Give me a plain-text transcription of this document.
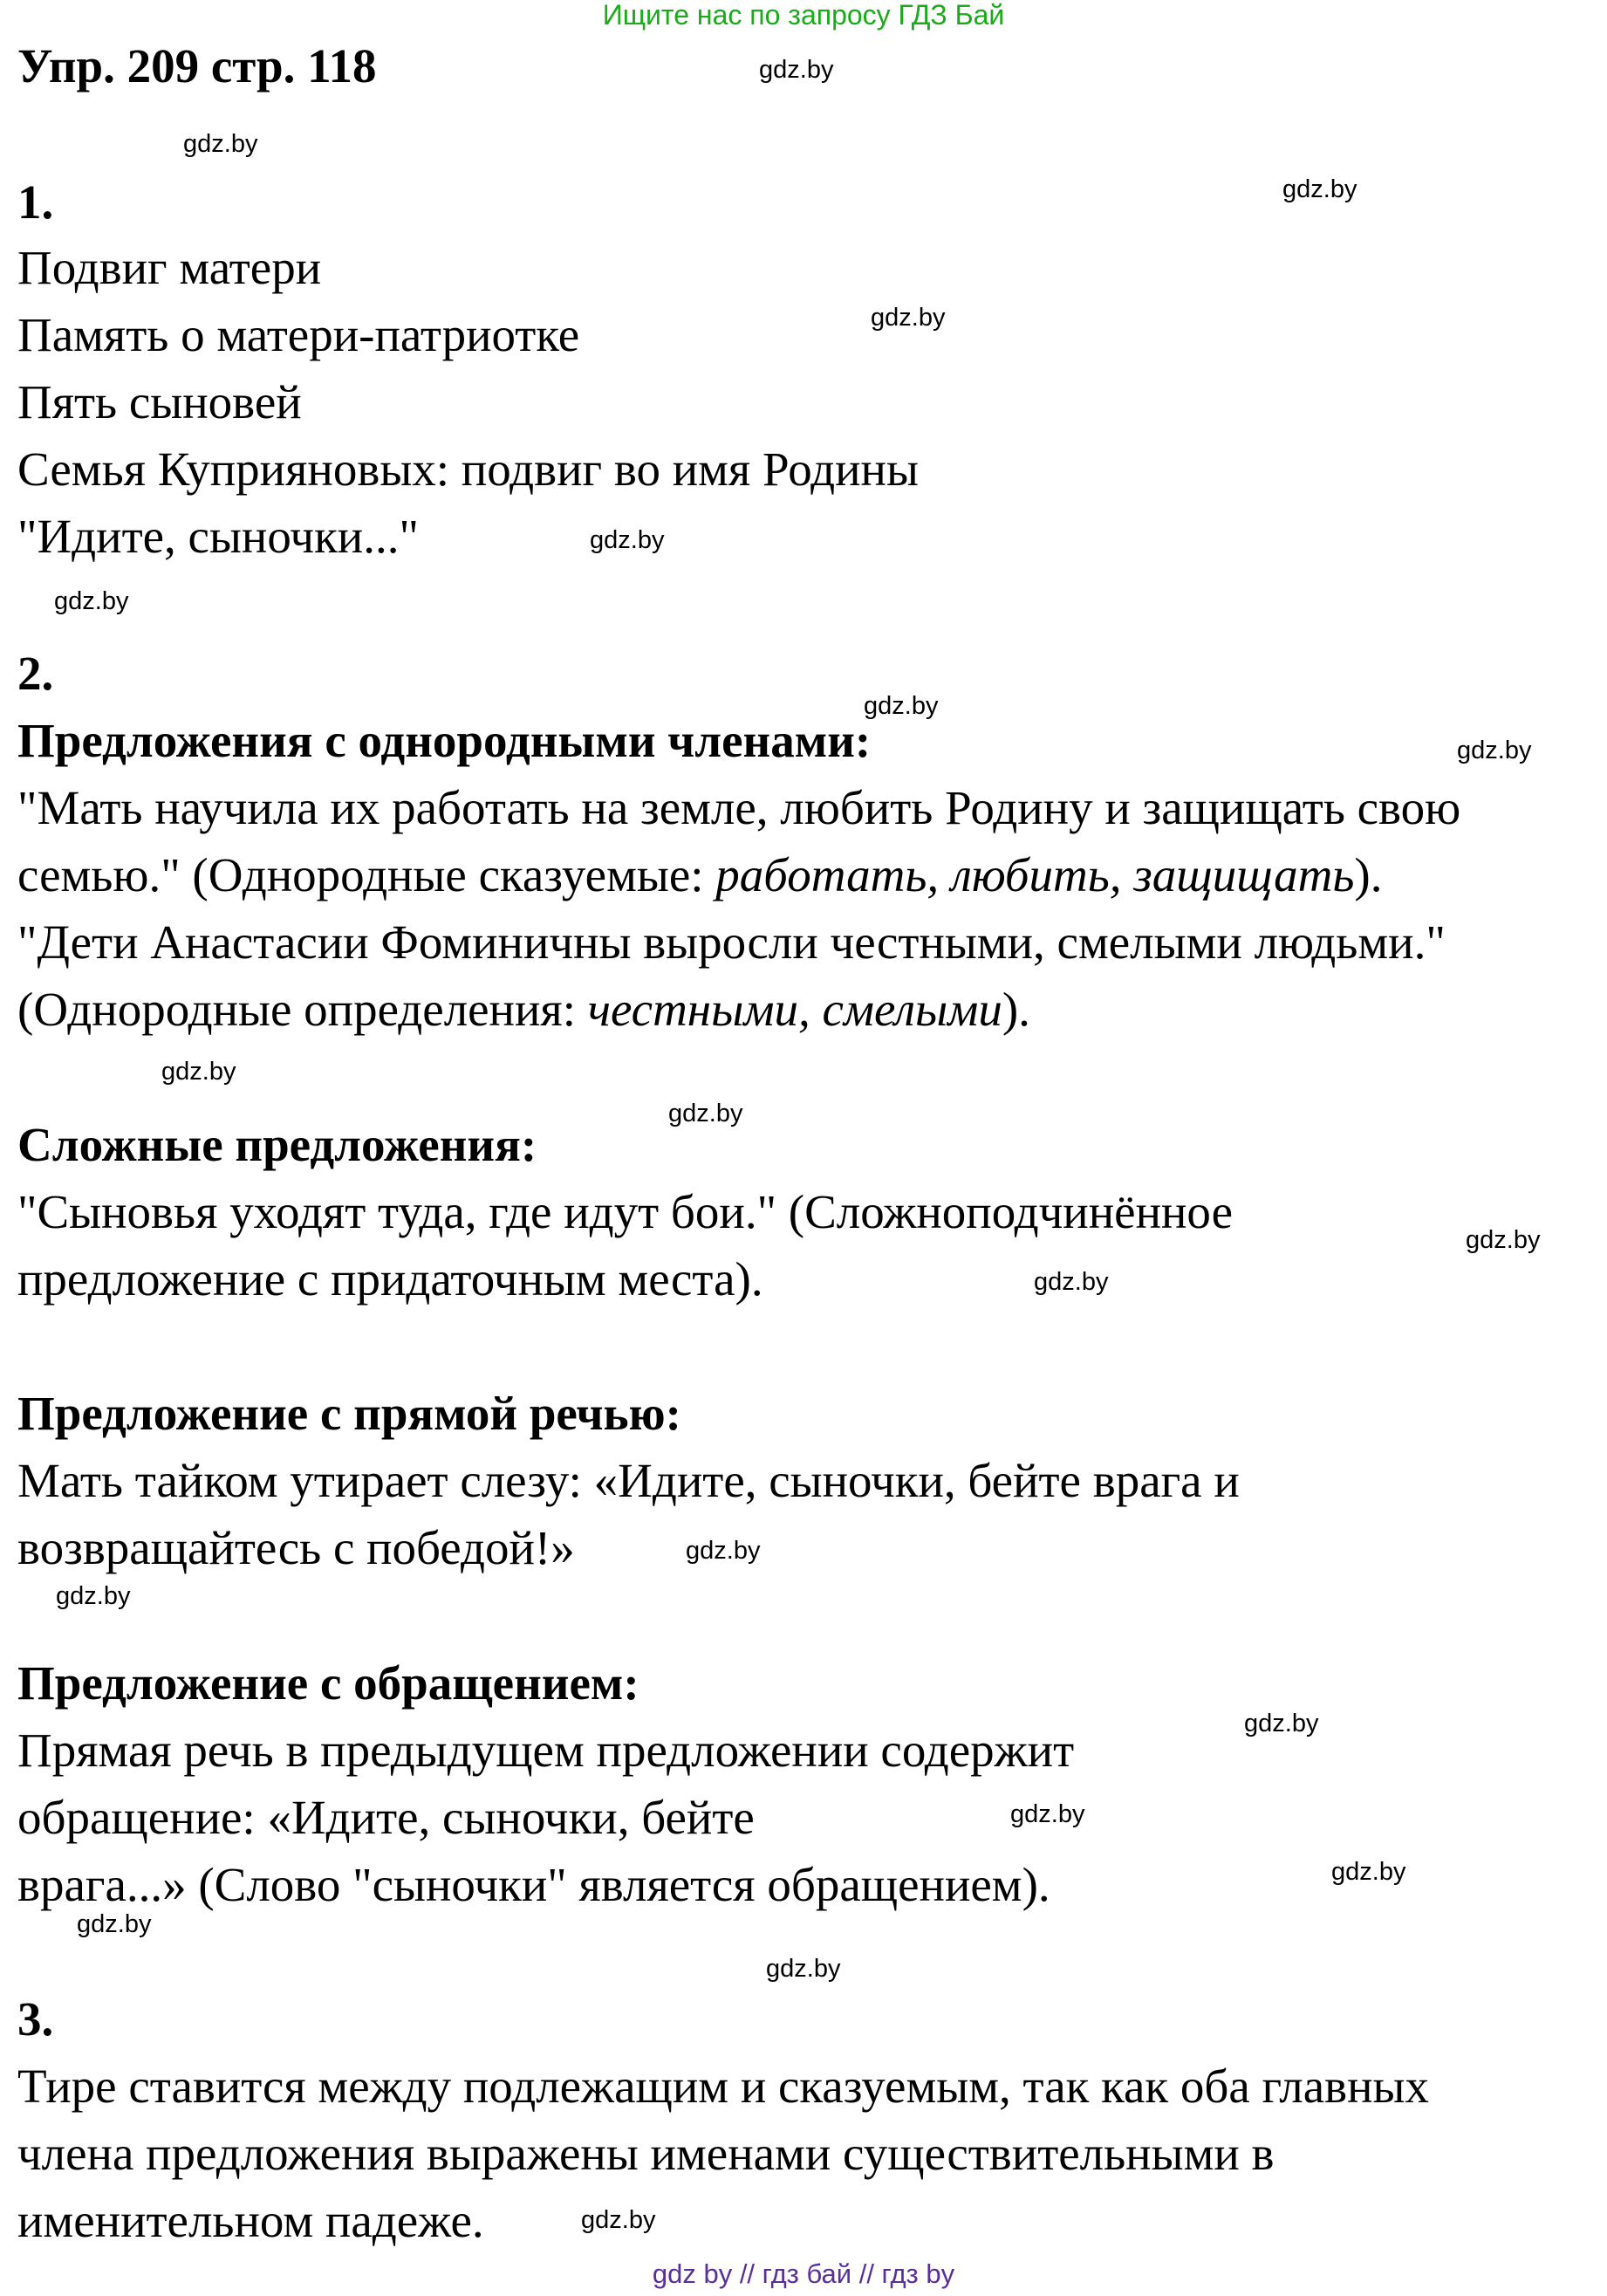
Ищите нас по запросу ГДЗ Бай
Упр. 209 стр. 118
1.
Подвиг матери
Память о матери-патриотке
Пять сыновей
Семья Куприяновых: подвиг во имя Родины
"Идите, сыночки..."
2.
Предложения с однородными членами:
"Мать научила их работать на земле, любить Родину и защищать свою
семью." (Однородные сказуемые: работать, любить, защищать).
"Дети Анастасии Фоминичны выросли честными, смелыми людьми."
(Однородные определения: честными, смелыми).
Сложные предложения:
"Сыновья уходят туда, где идут бои." (Сложноподчинённое
предложение с придаточным места).
Предложение с прямой речью:
Мать тайком утирает слезу: «Идите, сыночки, бейте врага и
возвращайтесь с победой!»
Предложение с обращением:
Прямая речь в предыдущем предложении содержит
обращение: «Идите, сыночки, бейте
врага...» (Слово "сыночки" является обращением).
3.
Тире ставится между подлежащим и сказуемым, так как оба главных
члена предложения выражены именами существительными в
именительном падеже.
gdz.by
gdz.by
gdz.by
gdz.by
gdz.by
gdz.by
gdz.by
gdz.by
gdz.by
gdz.by
gdz.by
gdz.by
gdz.by
gdz.by
gdz.by
gdz.by
gdz.by
gdz.by
gdz.by
gdz.by
gdz by // гдз бай // гдз by
